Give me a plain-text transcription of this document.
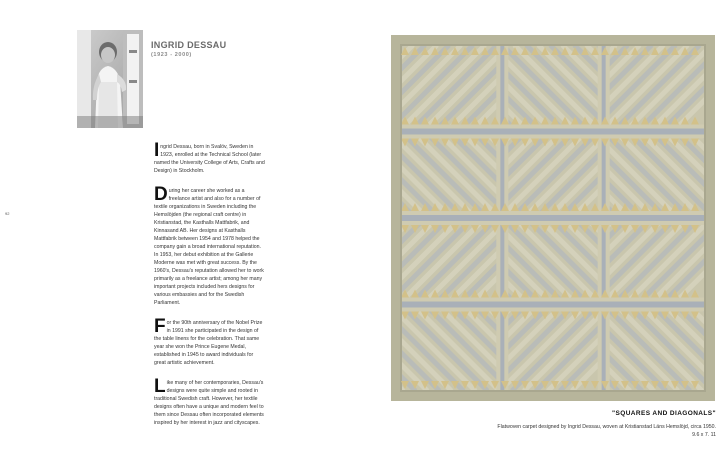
92
INGRID DESSAU
(1923 - 2000)

Ingrid Dessau, born in Svalöv, Sweden in 1923, enrolled at the Technical School (later named the University College of Arts, Crafts and Design) in Stockholm.

During her career she worked as a freelance artist and also for a number of textile organizations in Sweden including the Hemslöjden (the regional craft centre) in Kristianstad, the Kasthalls Mattfabrik, and Kinnasand AB. Her designs at Kasthalls Mattfabrik between 1954 and 1978 helped the company gain a broad international reputation. In 1953, her debut exhibition at the Gallerie Moderne was met with great success. By the 1960's, Dessau's reputation allowed her to work primarily as a freelance artist; among her many important projects included hers designs for various embassies and for the Swedish Parliament.

For the 90th anniversary of the Nobel Prize in 1991 she participated in the design of the table linens for the celebration. That same year she won the Prince Eugene Medal, established in 1945 to award individuals for great artistic achievement.

Like many of her contemporaries, Dessau's designs were quite simple and rooted in traditional Swedish craft. However, her textile designs often have a unique and modern feel to them since Dessau often incorporated elements inspired by her interest in jazz and cityscapes.

"SQUARES AND DIAGONALS"
Flatwoven carpet designed by Ingrid Dessau, woven at Kristianstad Läns Hemslöjd, circa 1950.
9.6 x 7. 11
